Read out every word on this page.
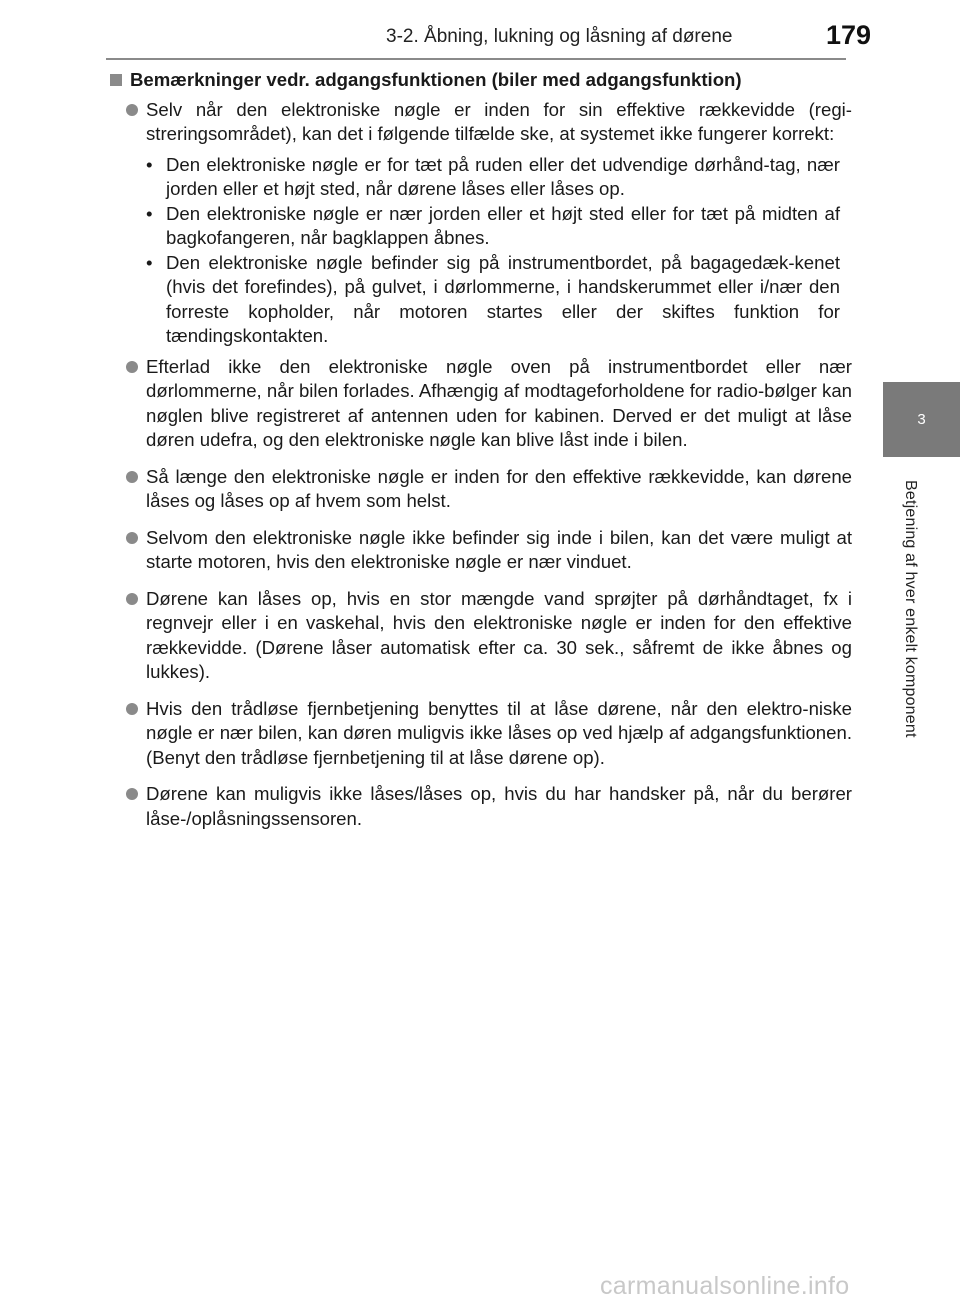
3-2. Åbning, lukning og låsning af dørene	179
3
Betjening af hver enkelt komponent
Bemærkninger vedr. adgangsfunktionen (biler med adgangsfunktion)
Selv når den elektroniske nøgle er inden for sin effektive rækkevidde (regi-streringsområdet), kan det i følgende tilfælde ske, at systemet ikke fungerer korrekt:
• Den elektroniske nøgle er for tæt på ruden eller det udvendige dørhånd-tag, nær jorden eller et højt sted, når dørene låses eller låses op.
• Den elektroniske nøgle er nær jorden eller et højt sted eller for tæt på midten af bagkofangeren, når bagklappen åbnes.
• Den elektroniske nøgle befinder sig på instrumentbordet, på bagagedæk-kenet (hvis det forefindes), på gulvet, i dørlommerne, i handskerummet eller i/nær den forreste kopholder, når motoren startes eller der skiftes funktion for tændingskontakten.
Efterlad ikke den elektroniske nøgle oven på instrumentbordet eller nær dørlommerne, når bilen forlades. Afhængig af modtageforholdene for radio-bølger kan nøglen blive registreret af antennen uden for kabinen. Derved er det muligt at låse døren udefra, og den elektroniske nøgle kan blive låst inde i bilen.
Så længe den elektroniske nøgle er inden for den effektive rækkevidde, kan dørene låses og låses op af hvem som helst.
Selvom den elektroniske nøgle ikke befinder sig inde i bilen, kan det være muligt at starte motoren, hvis den elektroniske nøgle er nær vinduet.
Dørene kan låses op, hvis en stor mængde vand sprøjter på dørhåndtaget, fx i regnvejr eller i en vaskehal, hvis den elektroniske nøgle er inden for den effektive rækkevidde. (Dørene låser automatisk efter ca. 30 sek., såfremt de ikke åbnes og lukkes).
Hvis den trådløse fjernbetjening benyttes til at låse dørene, når den elektro-niske nøgle er nær bilen, kan døren muligvis ikke låses op ved hjælp af adgangsfunktionen. (Benyt den trådløse fjernbetjening til at låse dørene op).
Dørene kan muligvis ikke låses/låses op, hvis du har handsker på, når du berører låse-/oplåsningssensoren.
carmanualsonline.info
